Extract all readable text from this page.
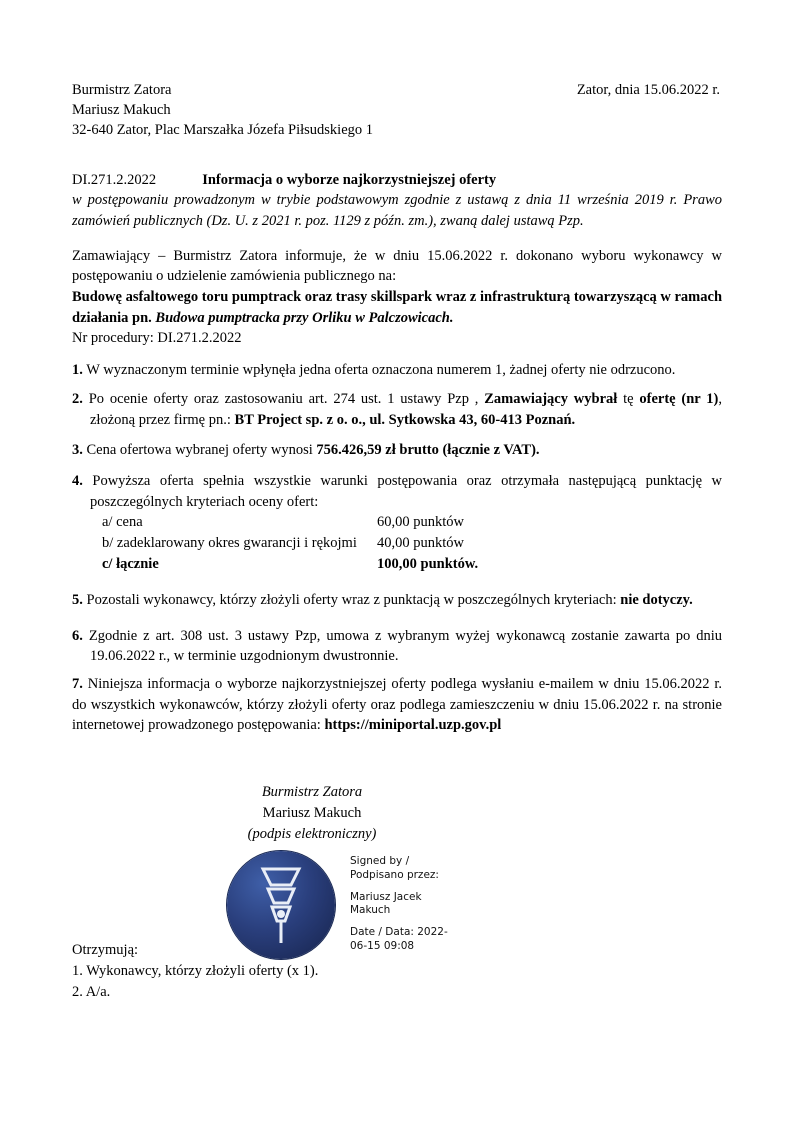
Burmistrz Zatora
Mariusz Makuch
32-640 Zator, Plac Marszałka Józefa Piłsudskiego 1
Zator, dnia 15.06.2022 r.
DI.271.2.2022	Informacja o wyborze najkorzystniejszej oferty
w postępowaniu prowadzonym w trybie podstawowym zgodnie z ustawą z dnia 11 września 2019 r. Prawo zamówień publicznych (Dz. U. z 2021 r. poz. 1129 z późn. zm.), zwaną dalej ustawą Pzp.

Zamawiający – Burmistrz Zatora informuje, że w dniu 15.06.2022 r. dokonano wyboru wykonawcy w postępowaniu o udzielenie zamówienia publicznego na:

Budowę asfaltowego toru pumptrack oraz trasy skillspark wraz z infrastrukturą towarzyszącą w ramach działania pn. Budowa pumptracka przy Orliku w Palczowicach.

Nr procedury: DI.271.2.2022

1. W wyznaczonym terminie wpłynęła jedna oferta oznaczona numerem 1, żadnej oferty nie odrzucono.

2. Po ocenie oferty oraz zastosowaniu art. 274 ust. 1 ustawy Pzp , Zamawiający wybrał tę ofertę (nr 1), złożoną przez firmę pn.: BT Project sp. z o. o., ul. Sytkowska 43, 60-413 Poznań.

3. Cena ofertowa wybranej oferty wynosi 756.426,59 zł brutto (łącznie z VAT).

4. Powyższa oferta spełnia wszystkie warunki postępowania oraz otrzymała następującą punktację w poszczególnych kryteriach oceny ofert:

a/ cena	60,00 punktów
b/ zadeklarowany okres gwarancji i rękojmi	40,00 punktów
c/ łącznie	100,00 punktów.

5. Pozostali wykonawcy, którzy złożyli oferty wraz z punktacją w poszczególnych kryteriach: nie dotyczy.

6. Zgodnie z art. 308 ust. 3 ustawy Pzp, umowa z wybranym wyżej wykonawcą zostanie zawarta po dniu 19.06.2022 r., w terminie uzgodnionym dwustronnie.

7. Niniejsza informacja o wyborze najkorzystniejszej oferty podlega wysłaniu e-mailem w dniu 15.06.2022 r. do wszystkich wykonawców, którzy złożyli oferty oraz podlega zamieszczeniu w dniu 15.06.2022 r. na stronie internetowej prowadzonego postępowania: https://miniportal.uzp.gov.pl

Burmistrz Zatora
Mariusz Makuch
(podpis elektroniczny)
Signed by /
Podpisano przez:
Mariusz Jacek
Makuch
Date / Data: 2022-
06-15 09:08
Otrzymują:
1. Wykonawcy, którzy złożyli oferty (x 1).
2. A/a.
